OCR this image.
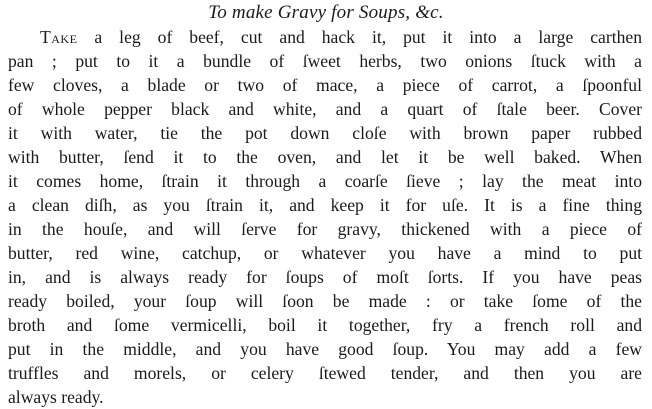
To make Gravy for Soups, &c.
Take a leg of beef, cut and hack it, put it into a large carthen
pan ; put to it a bundle of ſweet herbs, two onions ſtuck with a
few cloves, a blade or two of mace, a piece of carrot, a ſpoonful
of whole pepper black and white, and a quart of ſtale beer. Cover
it with water, tie the pot down cloſe with brown paper rubbed
with butter, ſend it to the oven, and let it be well baked. When
it comes home, ſtrain it through a coarſe ſieve ; lay the meat into
a clean diſh, as you ſtrain it, and keep it for uſe. It is a fine thing
in the houſe, and will ſerve for gravy, thickened with a piece of
butter, red wine, catchup, or whatever you have a mind to put
in, and is always ready for ſoups of moſt ſorts. If you have peas
ready boiled, your ſoup will ſoon be made : or take ſome of the
broth and ſome vermicelli, boil it together, fry a french roll and
put in the middle, and you have good ſoup. You may add a few
truffles and morels, or celery ſtewed tender, and then you are
always ready.
